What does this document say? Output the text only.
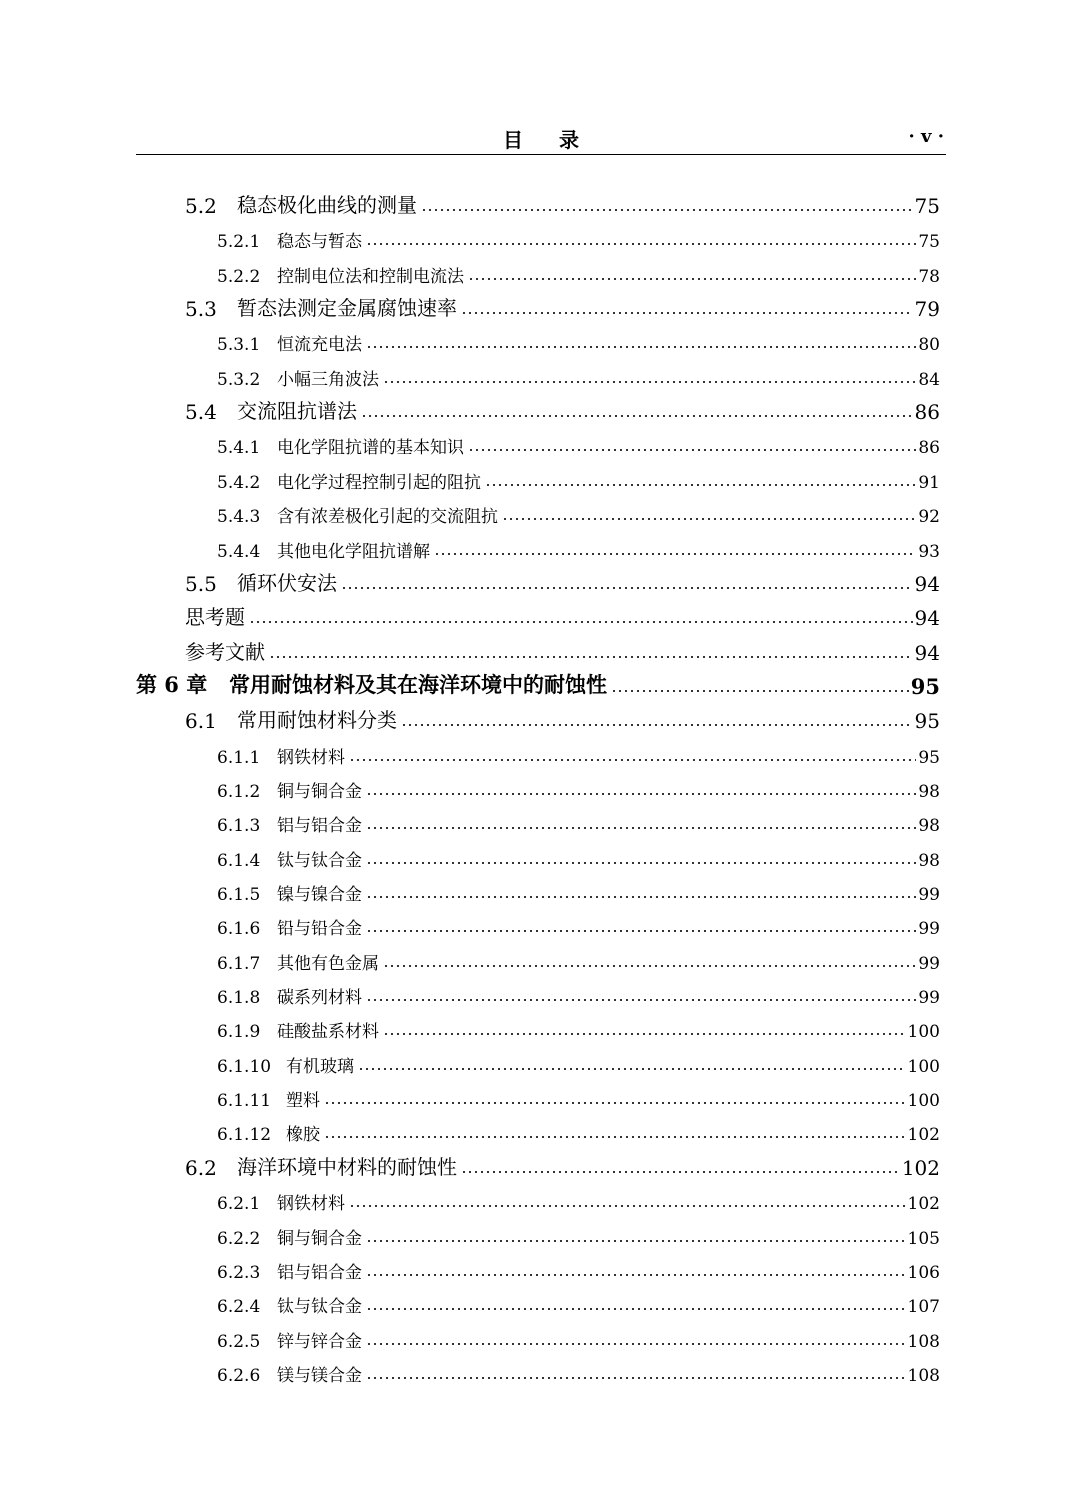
目录	· v ·
5.2	稳态极化曲线的测量	75
5.2.1 稳态与暂态	75
5.2.2 控制电位法和控制电流法	78
5.3	暂态法测定金属腐蚀速率	79
5.3.1 恒流充电法	80
5.3.2 小幅三角波法	84
5.4	交流阻抗谱法	86
5.4.1 电化学阻抗谱的基本知识	86
5.4.2 电化学过程控制引起的阻抗	91
5.4.3 含有浓差极化引起的交流阻抗	92
5.4.4 其他电化学阻抗谱解	93
5.5	循环伏安法	94
思考题	94
参考文献	94
第 6 章	常用耐蚀材料及其在海洋环境中的耐蚀性	95
6.1	常用耐蚀材料分类	95
6.1.1 钢铁材料	95
6.1.2 铜与铜合金	98
6.1.3 铝与铝合金	98
6.1.4 钛与钛合金	98
6.1.5 镍与镍合金	99
6.1.6 铅与铅合金	99
6.1.7 其他有色金属	99
6.1.8 碳系列材料	99
6.1.9 硅酸盐系材料	100
6.1.10 有机玻璃	100
6.1.11 塑料	100
6.1.12 橡胶	102
6.2	海洋环境中材料的耐蚀性	102
6.2.1 钢铁材料	102
6.2.2 铜与铜合金	105
6.2.3 铝与铝合金	106
6.2.4 钛与钛合金	107
6.2.5 锌与锌合金	108
6.2.6 镁与镁合金	108
